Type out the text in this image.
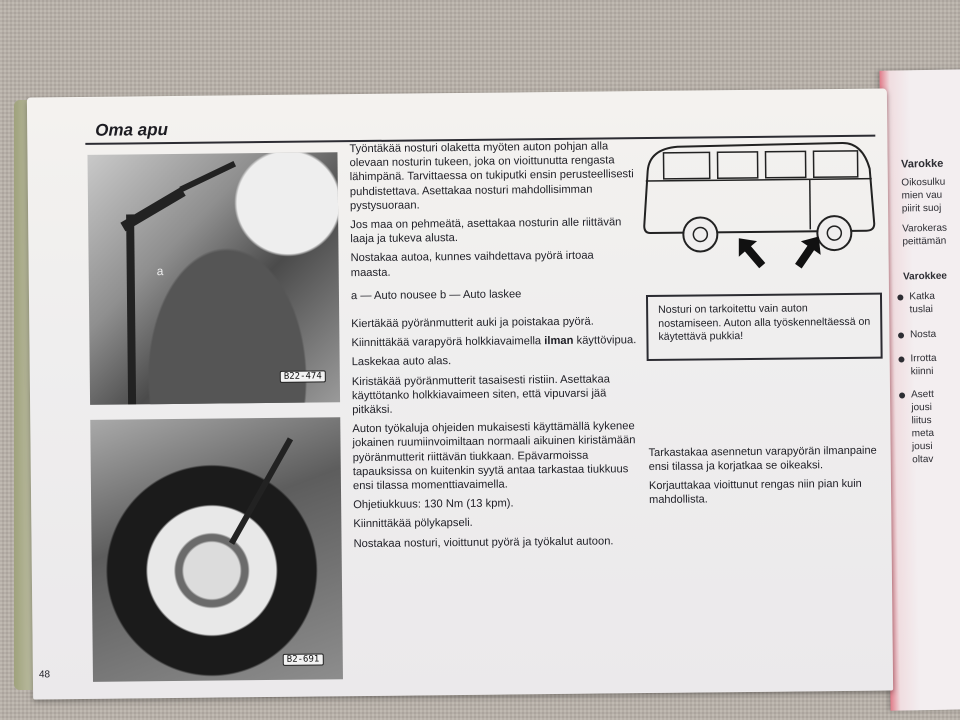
Varokke
Oikosulku
mien vau
piirit suoj
Varokeras
peittämän
Varokkee
Katka tuslai
Nosta
Irrotta kiinni
Asett jousi liitus meta jousi oltav
Oma apu
a
B22-474
B2-691

Työntäkää nosturi olaketta myöten auton pohjan alla olevaan nosturin tukeen, joka on vioittunutta rengasta lähimpänä. Tarvittaessa on tukiputki ensin perusteellisesti puhdistettava. Asettakaa nosturi mahdollisimman pystysuoraan.

Jos maa on pehmeätä, asettakaa nosturin alle riittävän laaja ja tukeva alusta.

Nostakaa autoa, kunnes vaihdettava pyörä irtoaa maasta.

a — Auto nousee b — Auto laskee

Kiertäkää pyöränmutterit auki ja poistakaa pyörä.

Kiinnittäkää varapyörä holkkiavaimella ilman käyttövipua.

Laskekaa auto alas.

Kiristäkää pyöränmutterit tasaisesti ristiin. Asettakaa käyttötanko holkkiavaimeen siten, että vipuvarsi jää pitkäksi.

Auton työkaluja ohjeiden mukaisesti käyttämällä kykenee jokainen ruumiinvoimiltaan normaali aikuinen kiristämään pyöränmutterit riittävän tiukkaan. Epävarmoissa tapauksissa on kuitenkin syytä antaa tarkastaa tiukkuus ensi tilassa momenttiavaimella.

Ohjetiukkuus: 130 Nm (13 kpm).

Kiinnittäkää pölykapseli.

Nostakaa nosturi, vioittunut pyörä ja työkalut autoon.

Nosturi on tarkoitettu vain auton nostamiseen. Auton alla työskenneltäessä on käytettävä pukkia!

Tarkastakaa asennetun varapyörän ilmanpaine ensi tilassa ja korjatkaa se oikeaksi.

Korjauttakaa vioittunut rengas niin pian kuin mahdollista.

48
